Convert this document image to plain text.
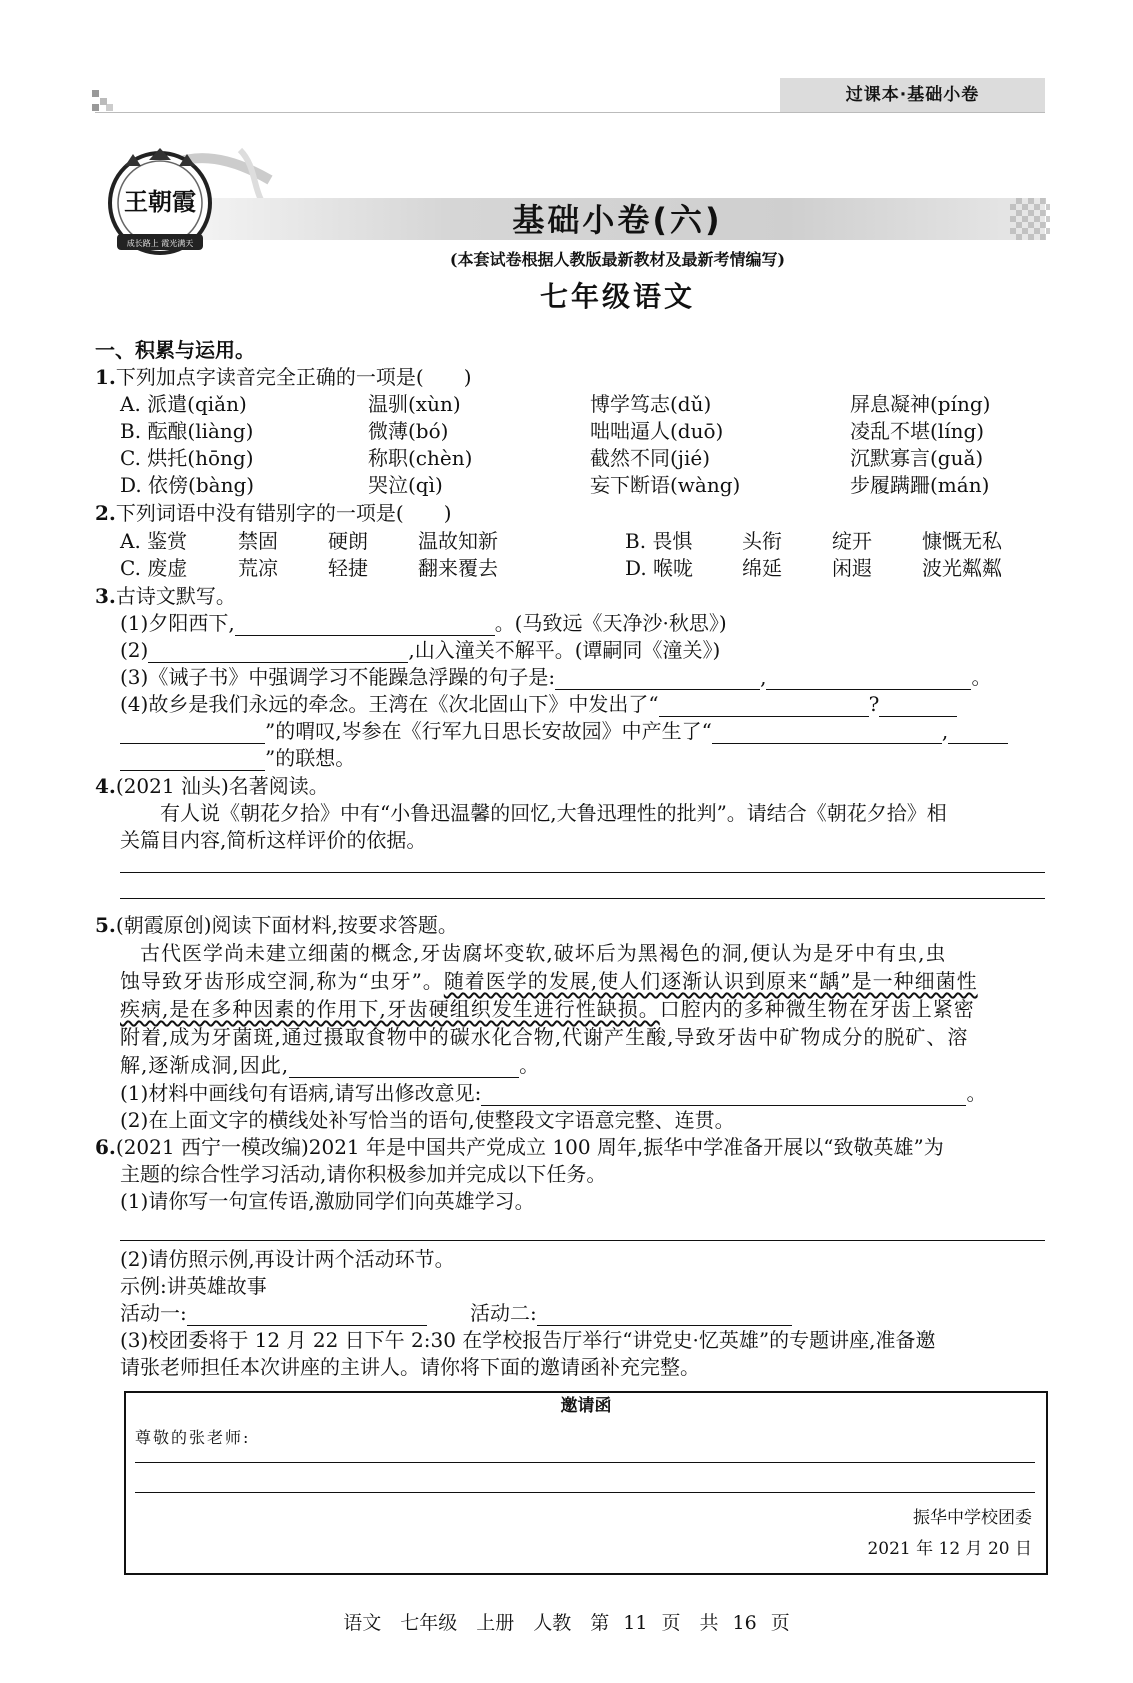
过课本·基础小卷
王朝霞
成长路上 霞光满天
基础小卷(六)
(本套试卷根据人教版最新教材及最新考情编写)
七年级语文
一、积累与运用。
1.下列加点字读音完全正确的一项是(　　)
A. 派遣(qiǎn)	温驯(xùn)	博学笃志(dǔ)	屏息凝神(píng)
B. 酝酿(liàng)	微薄(bó)	咄咄逼人(duō)	凌乱不堪(líng)
C. 烘托(hōng)	称职(chèn)	截然不同(jié)	沉默寡言(guǎ)
D. 依傍(bàng)	哭泣(qì)	妄下断语(wàng)	步履蹒跚(mán)
2.下列词语中没有错别字的一项是(　　)
A. 鉴赏	禁固	硬朗	温故知新	B. 畏惧 头衔	绽开	慷慨无私
C. 废虚	荒凉	轻捷	翻来覆去	D. 喉咙 绵延	闲遐	波光粼粼
3.古诗文默写。
(1)夕阳西下,	。(马致远《天净沙·秋思》)
(2)	,山入潼关不解平。(谭嗣同《潼关》)
(3)《诫子书》中强调学习不能躁急浮躁的句子是:	,	。
(4)故乡是我们永远的牵念。王湾在《次北固山下》中发出了“	?
”的喟叹,岑参在《行军九日思长安故园》中产生了“	,
”的联想。
4.(2021 汕头)名著阅读。
有人说《朝花夕拾》中有“小鲁迅温馨的回忆,大鲁迅理性的批判”。请结合《朝花夕拾》相
关篇目内容,简析这样评价的依据。
5.(朝霞原创)阅读下面材料,按要求答题。
古代医学尚未建立细菌的概念,牙齿腐坏变软,破坏后为黑褐色的洞,便认为是牙中有虫,虫
蚀导致牙齿形成空洞,称为“虫牙”。随着医学的发展,使人们逐渐认识到原来“龋”是一种细菌性
疾病,是在多种因素的作用下,牙齿硬组织发生进行性缺损。口腔内的多种微生物在牙齿上紧密
附着,成为牙菌斑,通过摄取食物中的碳水化合物,代谢产生酸,导致牙齿中矿物成分的脱矿、溶
解,逐渐成洞,因此,	。
(1)材料中画线句有语病,请写出修改意见:	。
(2)在上面文字的横线处补写恰当的语句,使整段文字语意完整、连贯。
6.(2021 西宁一模改编)2021 年是中国共产党成立 100 周年,振华中学准备开展以“致敬英雄”为
主题的综合性学习活动,请你积极参加并完成以下任务。
(1)请你写一句宣传语,激励同学们向英雄学习。
(2)请仿照示例,再设计两个活动环节。
示例:讲英雄故事
活动一:	活动二:
(3)校团委将于 12 月 22 日下午 2:30 在学校报告厅举行“讲党史·忆英雄”的专题讲座,准备邀
请张老师担任本次讲座的主讲人。请你将下面的邀请函补充完整。
邀请函
尊敬的张老师:
振华中学校团委
2021 年 12 月 20 日
语文　七年级　上册　人教　第 11 页　共 16 页
